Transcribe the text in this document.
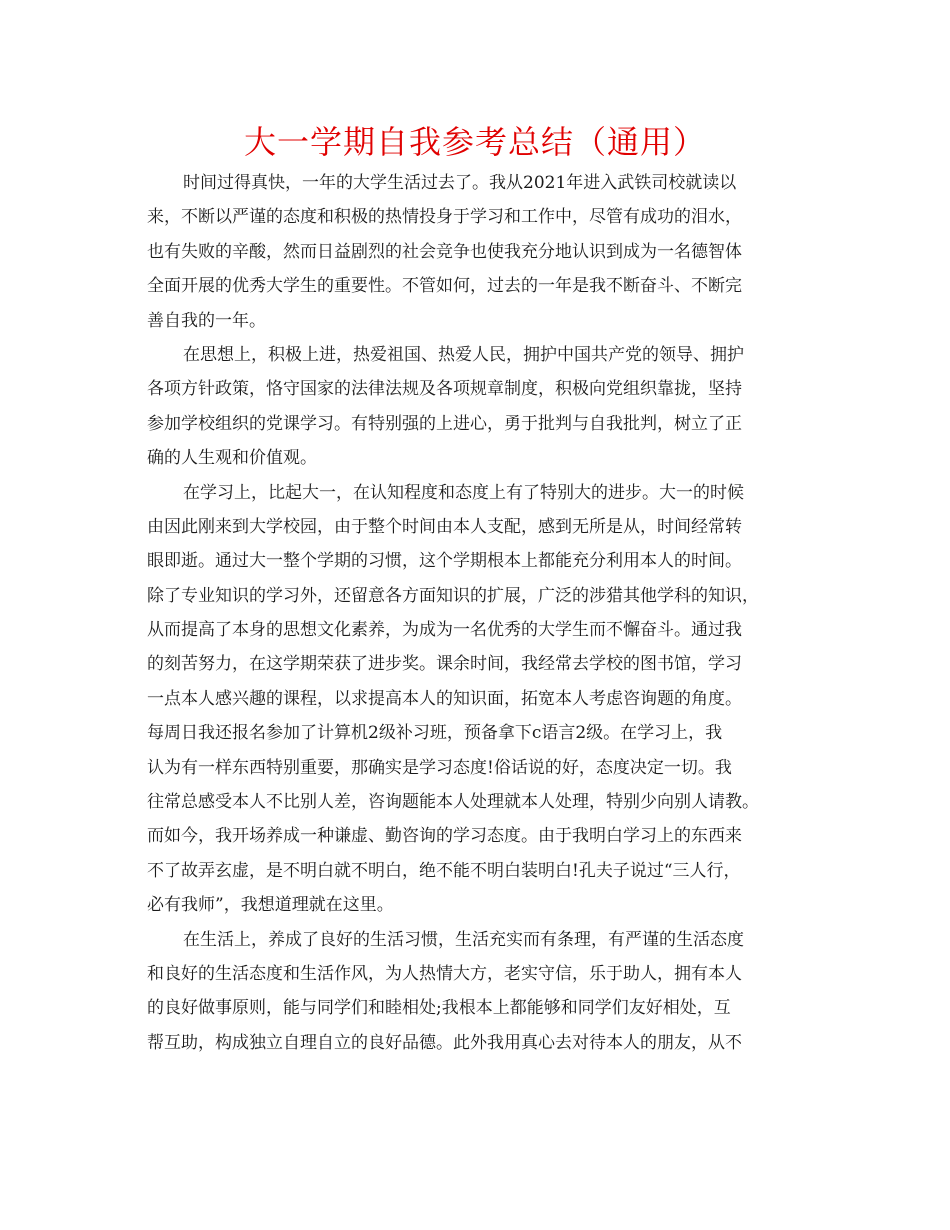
大一学期自我参考总结（通用）
时间过得真快，一年的大学生活过去了。我从2021年进入武铁司校就读以
来，不断以严谨的态度和积极的热情投身于学习和工作中，尽管有成功的泪水，
也有失败的辛酸，然而日益剧烈的社会竞争也使我充分地认识到成为一名德智体
全面开展的优秀大学生的重要性。不管如何，过去的一年是我不断奋斗、不断完
善自我的一年。
在思想上，积极上进，热爱祖国、热爱人民，拥护中国共产党的领导、拥护
各项方针政策，恪守国家的法律法规及各项规章制度，积极向党组织靠拢，坚持
参加学校组织的党课学习。有特别强的上进心，勇于批判与自我批判，树立了正
确的人生观和价值观。
在学习上，比起大一，在认知程度和态度上有了特别大的进步。大一的时候
由因此刚来到大学校园，由于整个时间由本人支配，感到无所是从，时间经常转
眼即逝。通过大一整个学期的习惯，这个学期根本上都能充分利用本人的时间。
除了专业知识的学习外，还留意各方面知识的扩展，广泛的涉猎其他学科的知识，
从而提高了本身的思想文化素养，为成为一名优秀的大学生而不懈奋斗。通过我
的刻苦努力，在这学期荣获了进步奖。课余时间，我经常去学校的图书馆，学习
一点本人感兴趣的课程，以求提高本人的知识面，拓宽本人考虑咨询题的角度。
每周日我还报名参加了计算机2级补习班，预备拿下c语言2级。在学习上，我
认为有一样东西特别重要，那确实是学习态度!俗话说的好，态度决定一切。我
往常总感受本人不比别人差，咨询题能本人处理就本人处理，特别少向别人请教。
而如今，我开场养成一种谦虚、勤咨询的学习态度。由于我明白学习上的东西来
不了故弄玄虚，是不明白就不明白，绝不能不明白装明白!孔夫子说过“三人行，
必有我师”，我想道理就在这里。
在生活上，养成了良好的生活习惯，生活充实而有条理，有严谨的生活态度
和良好的生活态度和生活作风，为人热情大方，老实守信，乐于助人，拥有本人
的良好做事原则，能与同学们和睦相处;我根本上都能够和同学们友好相处，互
帮互助，构成独立自理自立的良好品德。此外我用真心去对待本人的朋友，从不
